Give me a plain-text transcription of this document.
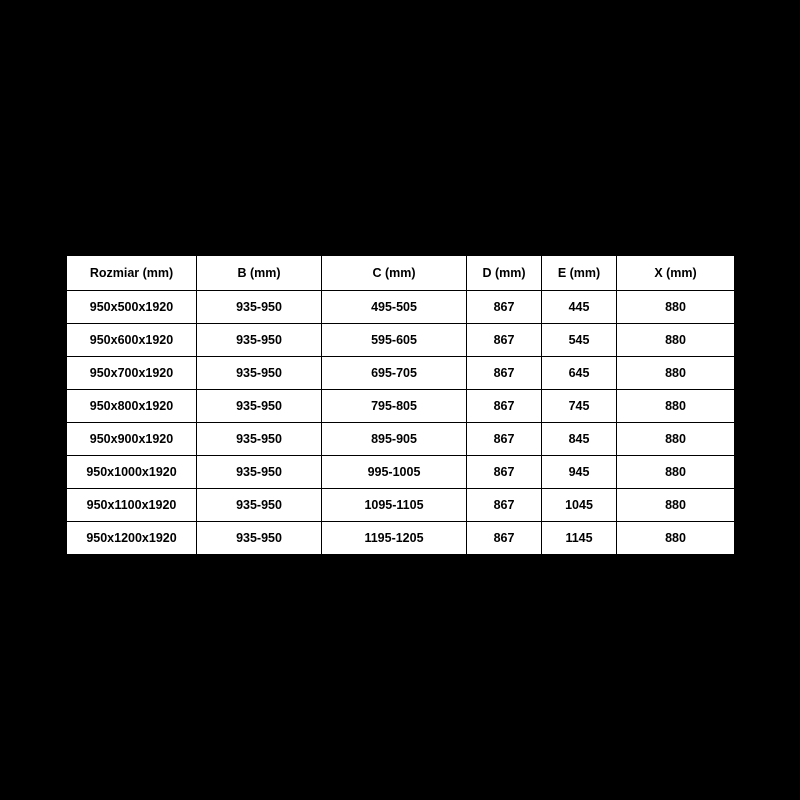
Rozmiar (mm)	B (mm)	C (mm)	D (mm)	E (mm)	X (mm)
950x500x1920	935-950	495-505	867	445	880
950x600x1920	935-950	595-605	867	545	880
950x700x1920	935-950	695-705	867	645	880
950x800x1920	935-950	795-805	867	745	880
950x900x1920	935-950	895-905	867	845	880
950x1000x1920	935-950	995-1005	867	945	880
950x1100x1920	935-950	1095-1105	867	1045	880
950x1200x1920	935-950	1195-1205	867	1145	880
